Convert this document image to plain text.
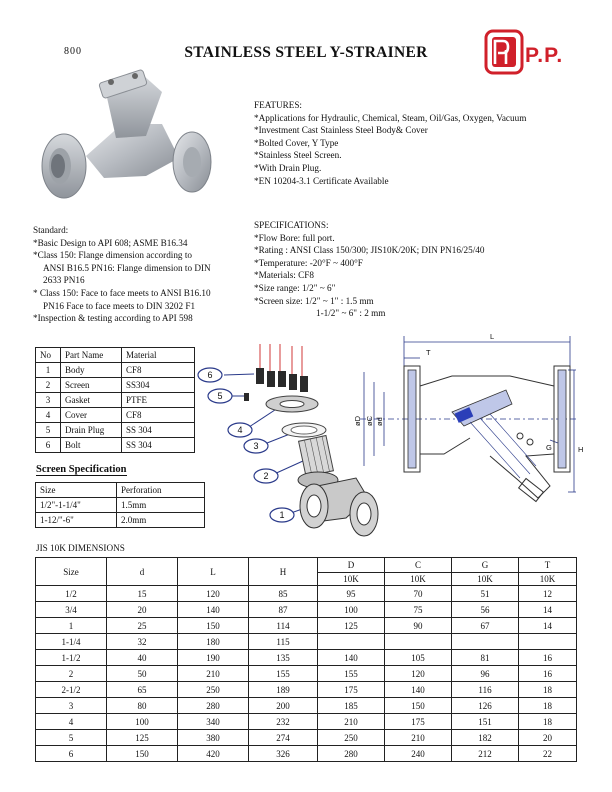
800	STAINLESS STEEL Y-STRAINER	P.P.
FEATURES:
*Applications for Hydraulic, Chemical, Steam, Oil/Gas, Oxygen, Vacuum
*Investment Cast Stainless Steel Body& Cover
*Bolted Cover, Y Type
*Stainless Steel Screen.
*With Drain Plug.
*EN 10204-3.1 Certificate Available
Standard:
*Basic Design to API 608; ASME B16.34
*Class 150: Flange dimension according to
ANSI B16.5 PN16: Flange dimension to DIN
2633 PN16
* Class 150: Face to face meets to ANSI B16.10
PN16 Face to face meets to DIN 3202 F1
*Inspection & testing according to API 598
SPECIFICATIONS:
*Flow Bore: full port.
*Rating : ANSI Class 150/300; JIS10K/20K; DIN PN16/25/40
*Temperature: -20°F ~ 400°F
*Materials: CF8
*Size range: 1/2" ~ 6"
*Screen size: 1/2" ~ 1" : 1.5 mm
1-1/2" ~ 6" : 2 mm
No	Part Name	Material
1	Body	CF8
2	Screen	SS304
3	Gasket	PTFE
4	Cover	CF8
5	Drain Plug	SS 304
6	Bolt	SS 304
Screen Specification
Size	Perforation
1/2"-1-1/4"	1.5mm
1-12/"-6"	2.0mm
6
5
4
3
2
1
T
L
øD øC ød
G	H
JIS 10K DIMENSIONS
Size	d	L	H	D	C	G	T
				10K	10K	10K	10K
1/2	15	120	85	95	70	51	12
3/4	20	140	87	100	75	56	14
1	25	150	114	125	90	67	14
1-1/4	32	180	115				
1-1/2	40	190	135	140	105	81	16
2	50	210	155	155	120	96	16
2-1/2	65	250	189	175	140	116	18
3	80	280	200	185	150	126	18
4	100	340	232	210	175	151	18
5	125	380	274	250	210	182	20
6	150	420	326	280	240	212	22
